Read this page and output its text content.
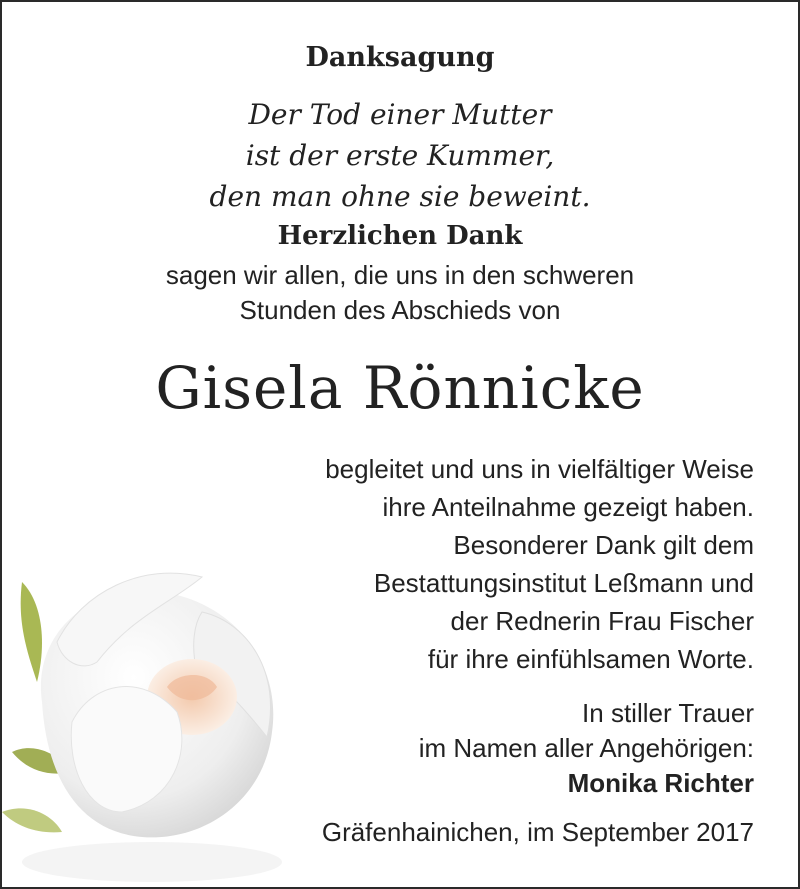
Danksagung
Der Tod einer Mutter
ist der erste Kummer,
den man ohne sie beweint.
Herzlichen Dank
sagen wir allen, die uns in den schweren
Stunden des Abschieds von
Gisela Rönnicke
begleitet und uns in vielfältiger Weise
ihre Anteilnahme gezeigt haben.
Besonderer Dank gilt dem
Bestattungsinstitut Leßmann und
der Rednerin Frau Fischer
für ihre einfühlsamen Worte.
In stiller Trauer
im Namen aller Angehörigen:
Monika Richter
Gräfenhainichen, im September 2017
